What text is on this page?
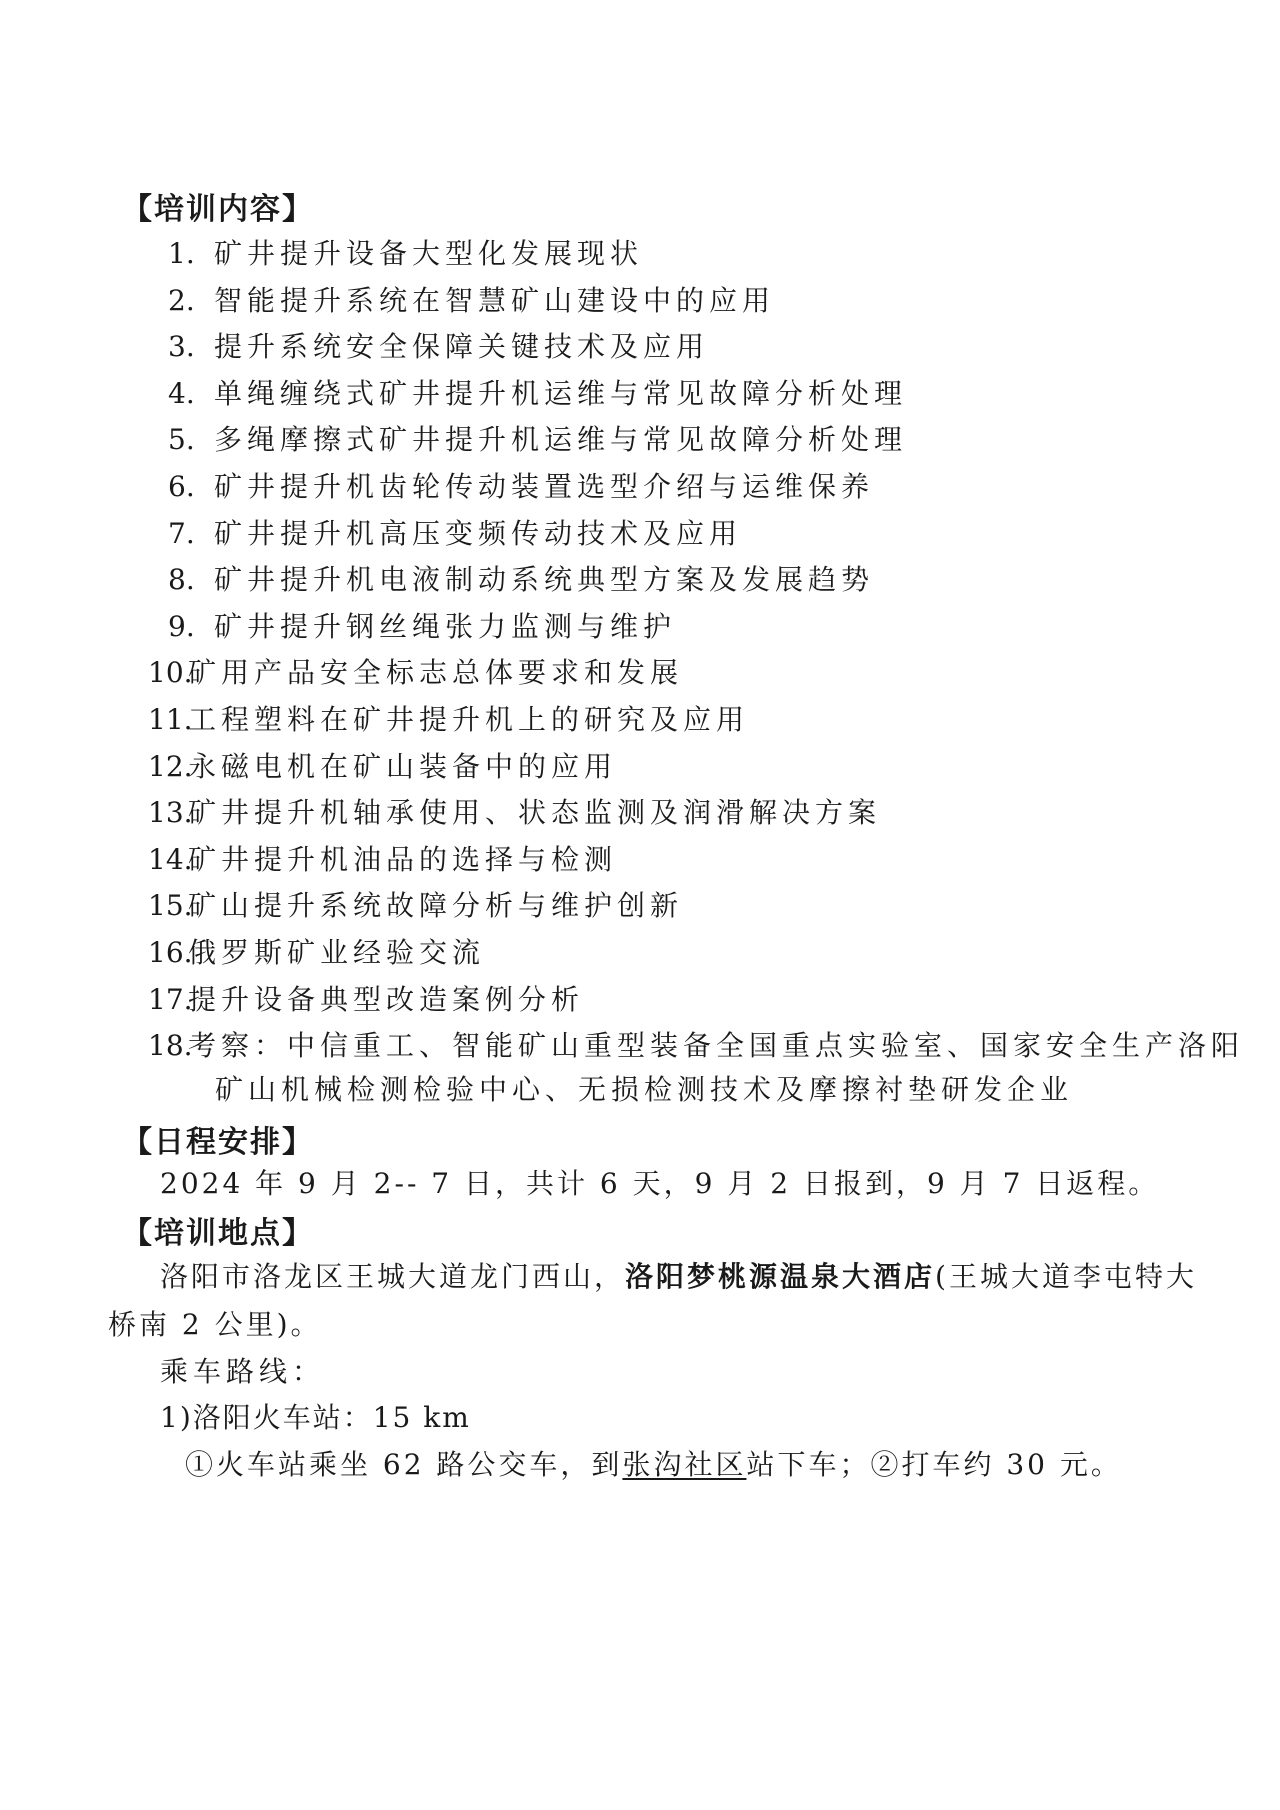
【培训内容】
1. 矿井提升设备大型化发展现状
2. 智能提升系统在智慧矿山建设中的应用
3. 提升系统安全保障关键技术及应用
4. 单绳缠绕式矿井提升机运维与常见故障分析处理
5. 多绳摩擦式矿井提升机运维与常见故障分析处理
6. 矿井提升机齿轮传动装置选型介绍与运维保养
7. 矿井提升机高压变频传动技术及应用
8. 矿井提升机电液制动系统典型方案及发展趋势
9. 矿井提升钢丝绳张力监测与维护
10.矿用产品安全标志总体要求和发展
11.工程塑料在矿井提升机上的研究及应用
12.永磁电机在矿山装备中的应用
13.矿井提升机轴承使用、状态监测及润滑解决方案
14.矿井提升机油品的选择与检测
15.矿山提升系统故障分析与维护创新
16.俄罗斯矿业经验交流
17.提升设备典型改造案例分析
18.考察：中信重工、智能矿山重型装备全国重点实验室、国家安全生产洛阳
矿山机械检测检验中心、无损检测技术及摩擦衬垫研发企业
【日程安排】
2024 年 9 月 2-- 7 日，共计 6 天，9 月 2 日报到，9 月 7 日返程。
【培训地点】
洛阳市洛龙区王城大道龙门西山，洛阳梦桃源温泉大酒店(王城大道李屯特大
桥南 2 公里)。
乘车路线：
1)洛阳火车站：15 km
①火车站乘坐 62 路公交车，到张沟社区站下车；②打车约 30 元。
